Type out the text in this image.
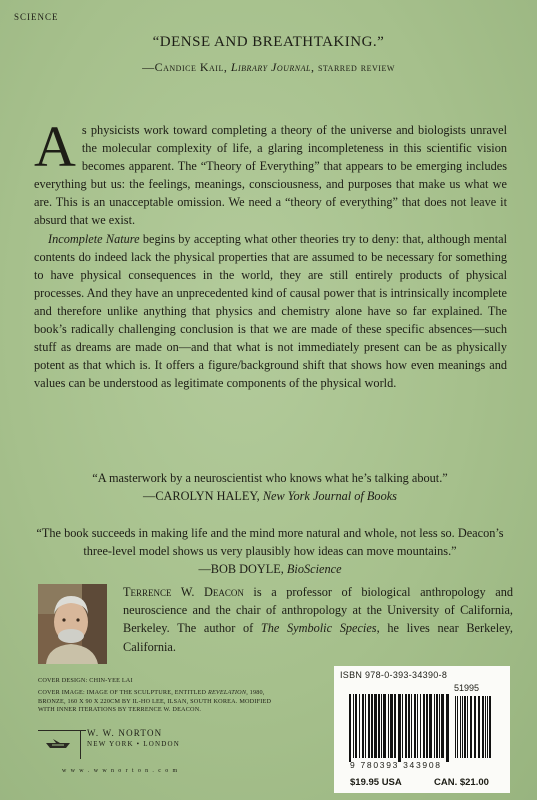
SCIENCE
“DENSE AND BREATHTAKING.”
—Candice Kail, Library Journal, starred review

As physicists work toward completing a theory of the universe and biologists unravel the molecular complexity of life, a glaring incompleteness in this scientific vision becomes apparent. The “Theory of Everything” that appears to be emerging includes everything but us: the feelings, meanings, consciousness, and purposes that make us what we are. This is an unacceptable omission. We need a “theory of everything” that does not leave it absurd that we exist.

Incomplete Nature begins by accepting what other theories try to deny: that, although mental contents do indeed lack the physical properties that are assumed to be necessary for something to have physical consequences in the world, they are still entirely products of physical processes. And they have an unprecedented kind of causal power that is intrinsically incomplete and therefore unlike anything that physics and chemistry alone have so far explained. The book’s radically challenging conclusion is that we are made of these specific absences—such stuff as dreams are made on—and that what is not immediately present can be as physically potent as that which is. It offers a figure/background shift that shows how even meanings and values can be understood as legitimate components of the physical world.

“A masterwork by a neuroscientist who knows what he’s talking about.”
—CAROLYN HALEY, New York Journal of Books
“The book succeeds in making life and the mind more natural and whole, not less so. Deacon’s three-level model shows us very plausibly how ideas can move mountains.”
—BOB DOYLE, BioScience
Terrence W. Deacon is a professor of biological anthropology and neuroscience and the chair of anthropology at the University of California, Berkeley. The author of The Symbolic Species, he lives near Berkeley, California.
COVER DESIGN: CHIN-YEE LAI
COVER IMAGE: IMAGE OF THE SCULPTURE, ENTITLED REVELATION, 1980,
BRONZE, 160 X 90 X 220CM BY IL-HO LEE, ILSAN, SOUTH KOREA. MODIFIED
WITH INNER ITERATIONS BY TERRENCE W. DEACON.
W. W. NORTON
NEW YORK • LONDON
w w w . w w n o r t o n . c o m
ISBN 978-0-393-34390-8
51995
9 780393 343908
$19.95 USA	CAN. $21.00
